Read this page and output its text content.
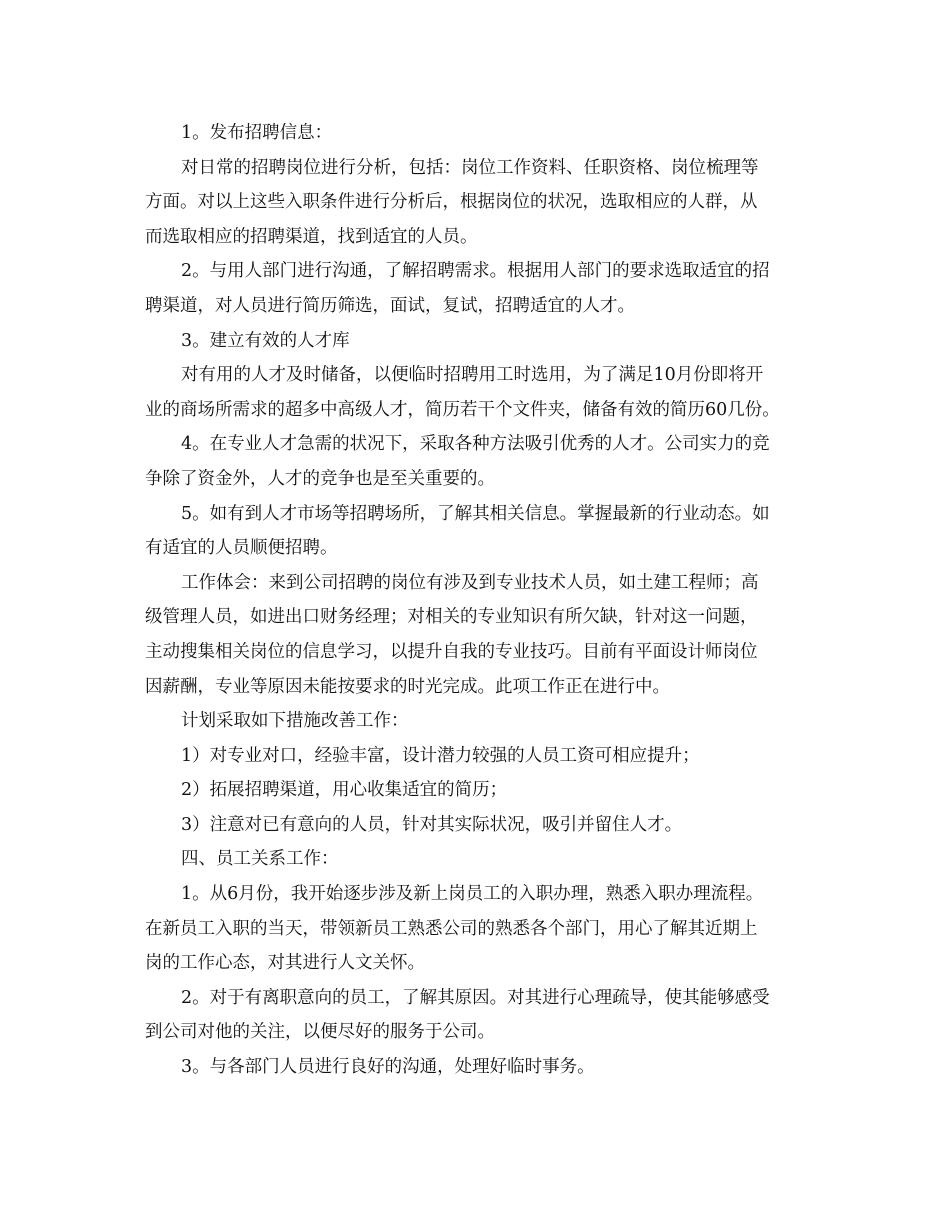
1。发布招聘信息：
对日常的招聘岗位进行分析，包括：岗位工作资料、任职资格、岗位梳理等
方面。对以上这些入职条件进行分析后，根据岗位的状况，选取相应的人群，从
而选取相应的招聘渠道，找到适宜的人员。
2。与用人部门进行沟通，了解招聘需求。根据用人部门的要求选取适宜的招
聘渠道，对人员进行简历筛选，面试，复试，招聘适宜的人才。
3。建立有效的人才库
对有用的人才及时储备，以便临时招聘用工时选用，为了满足10月份即将开
业的商场所需求的超多中高级人才，简历若干个文件夹，储备有效的简历60几份。
4。在专业人才急需的状况下，采取各种方法吸引优秀的人才。公司实力的竞
争除了资金外，人才的竞争也是至关重要的。
5。如有到人才市场等招聘场所，了解其相关信息。掌握最新的行业动态。如
有适宜的人员顺便招聘。
工作体会：来到公司招聘的岗位有涉及到专业技术人员，如土建工程师；高
级管理人员，如进出口财务经理；对相关的专业知识有所欠缺，针对这一问题，
主动搜集相关岗位的信息学习，以提升自我的专业技巧。目前有平面设计师岗位
因薪酬，专业等原因未能按要求的时光完成。此项工作正在进行中。
计划采取如下措施改善工作：
1）对专业对口，经验丰富，设计潜力较强的人员工资可相应提升；
2）拓展招聘渠道，用心收集适宜的简历；
3）注意对已有意向的人员，针对其实际状况，吸引并留住人才。
四、员工关系工作：
1。从6月份，我开始逐步涉及新上岗员工的入职办理，熟悉入职办理流程。
在新员工入职的当天，带领新员工熟悉公司的熟悉各个部门，用心了解其近期上
岗的工作心态，对其进行人文关怀。
2。对于有离职意向的员工，了解其原因。对其进行心理疏导，使其能够感受
到公司对他的关注，以便尽好的服务于公司。
3。与各部门人员进行良好的沟通，处理好临时事务。
